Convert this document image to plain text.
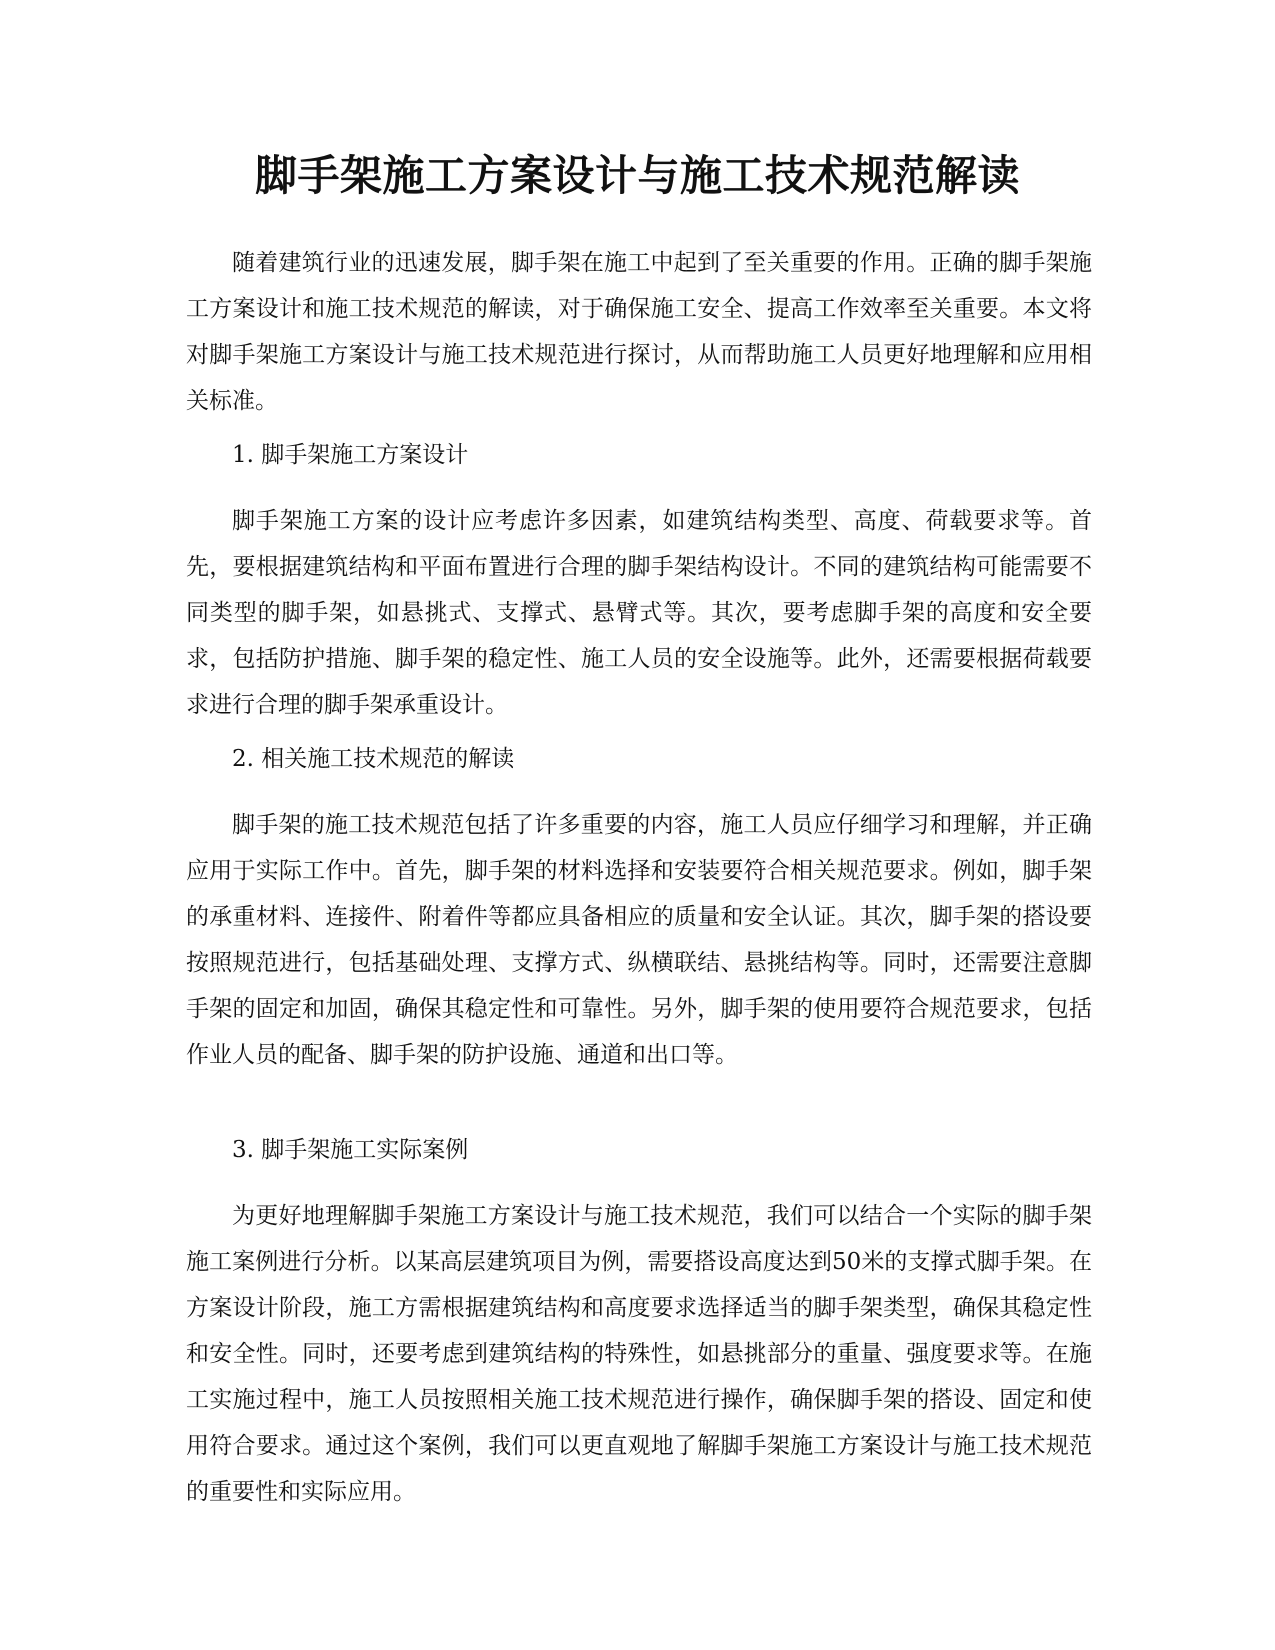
脚手架施工方案设计与施工技术规范解读

随着建筑行业的迅速发展，脚手架在施工中起到了至关重要的作用。正确的脚手架施工方案设计和施工技术规范的解读，对于确保施工安全、提高工作效率至关重要。本文将对脚手架施工方案设计与施工技术规范进行探讨，从而帮助施工人员更好地理解和应用相关标准。

1. 脚手架施工方案设计

脚手架施工方案的设计应考虑许多因素，如建筑结构类型、高度、荷载要求等。首先，要根据建筑结构和平面布置进行合理的脚手架结构设计。不同的建筑结构可能需要不同类型的脚手架，如悬挑式、支撑式、悬臂式等。其次，要考虑脚手架的高度和安全要求，包括防护措施、脚手架的稳定性、施工人员的安全设施等。此外，还需要根据荷载要求进行合理的脚手架承重设计。

2. 相关施工技术规范的解读

脚手架的施工技术规范包括了许多重要的内容，施工人员应仔细学习和理解，并正确应用于实际工作中。首先，脚手架的材料选择和安装要符合相关规范要求。例如，脚手架的承重材料、连接件、附着件等都应具备相应的质量和安全认证。其次，脚手架的搭设要按照规范进行，包括基础处理、支撑方式、纵横联结、悬挑结构等。同时，还需要注意脚手架的固定和加固，确保其稳定性和可靠性。另外，脚手架的使用要符合规范要求，包括作业人员的配备、脚手架的防护设施、通道和出口等。

3. 脚手架施工实际案例

为更好地理解脚手架施工方案设计与施工技术规范，我们可以结合一个实际的脚手架施工案例进行分析。以某高层建筑项目为例，需要搭设高度达到50米的支撑式脚手架。在方案设计阶段，施工方需根据建筑结构和高度要求选择适当的脚手架类型，确保其稳定性和安全性。同时，还要考虑到建筑结构的特殊性，如悬挑部分的重量、强度要求等。在施工实施过程中，施工人员按照相关施工技术规范进行操作，确保脚手架的搭设、固定和使用符合要求。通过这个案例，我们可以更直观地了解脚手架施工方案设计与施工技术规范的重要性和实际应用。
